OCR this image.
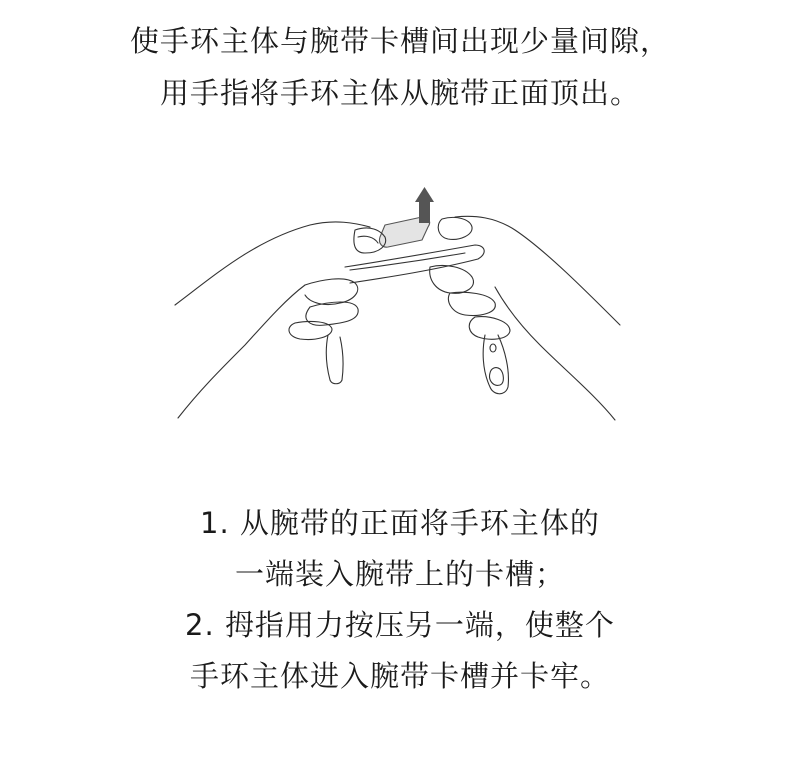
使手环主体与腕带卡槽间出现少量间隙，
用手指将手环主体从腕带正面顶出。
1. 从腕带的正面将手环主体的
一端装入腕带上的卡槽；
2. 拇指用力按压另一端，使整个
手环主体进入腕带卡槽并卡牢。
